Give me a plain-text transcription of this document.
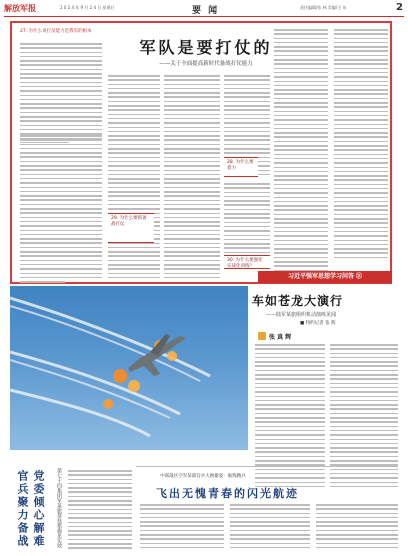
解放军报	2 0 2 4 年 9 月 2 4 日 星期日	要 闻	责任编辑/张 林 美编/王 东	2
军队是要打仗的
——关于全面提高新时代备战打仗能力
27. 为什么说打仗能力是我军的根本
28. 为什么要着力
29. 为什么要抓备战打仗
30. 为什么要强化实战化训练？
习近平强军思想学习问答 ⑪
车如苍龙大演行
——陆军某旅组织机动演练见闻
■ 特约记者 张 辉
张 真 辉
党委倾心解难 官兵聚力备战	第七十四集团军某旅帮扶措施见实效	中部战区空军某部官兵大展雄姿：砺练精兵
飞出无愧青春的闪光航迹
